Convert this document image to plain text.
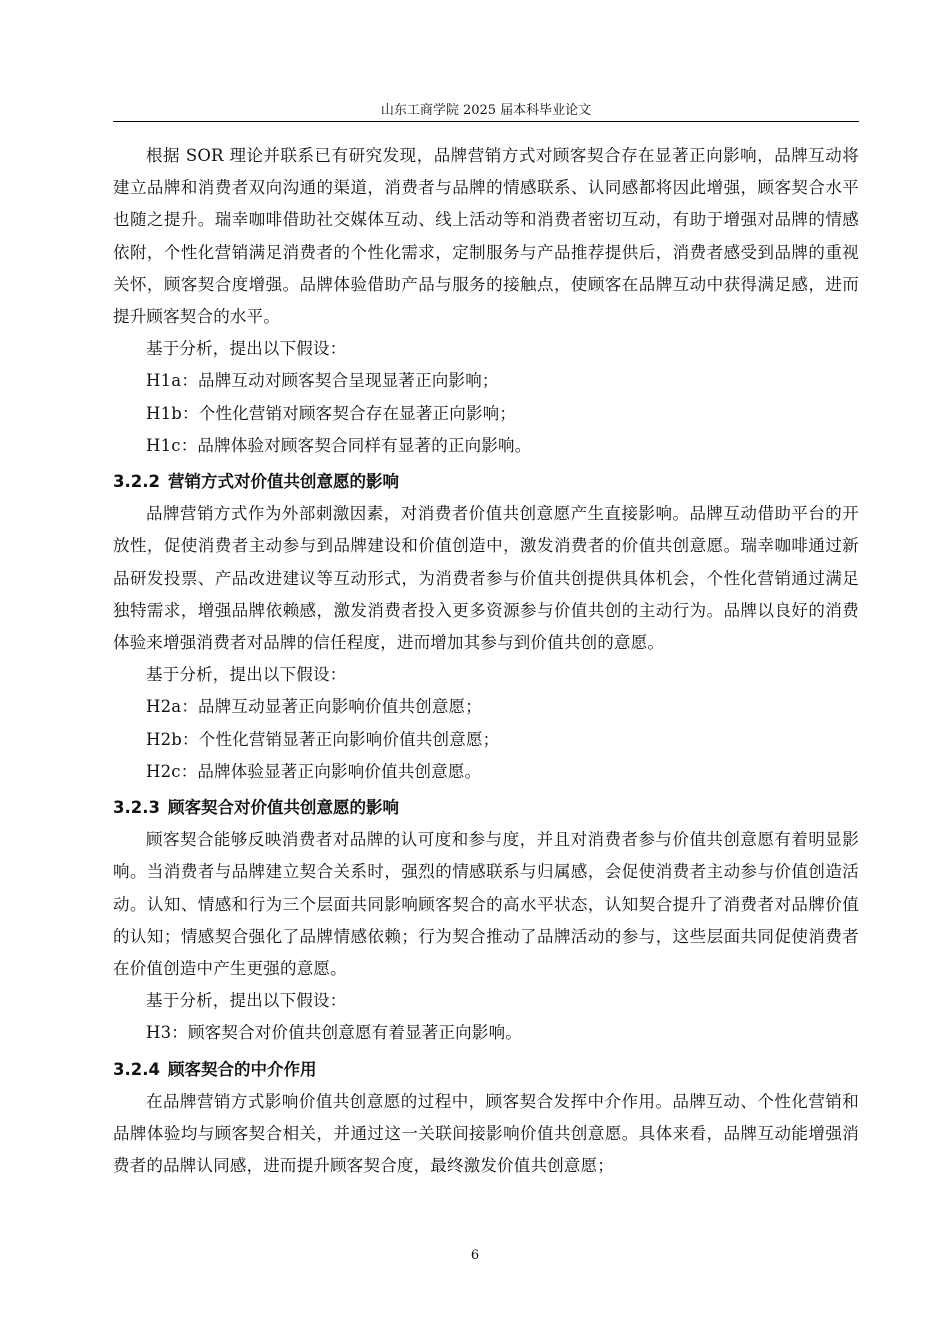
山东工商学院 2025 届本科毕业论文

根据 SOR 理论并联系已有研究发现，品牌营销方式对顾客契合存在显著正向影响，品牌互动将建立品牌和消费者双向沟通的渠道，消费者与品牌的情感联系、认同感都将因此增强，顾客契合水平也随之提升。瑞幸咖啡借助社交媒体互动、线上活动等和消费者密切互动，有助于增强对品牌的情感依附，个性化营销满足消费者的个性化需求，定制服务与产品推荐提供后，消费者感受到品牌的重视关怀，顾客契合度增强。品牌体验借助产品与服务的接触点，使顾客在品牌互动中获得满足感，进而提升顾客契合的水平。

基于分析，提出以下假设：

H1a：品牌互动对顾客契合呈现显著正向影响；

H1b：个性化营销对顾客契合存在显著正向影响；

H1c：品牌体验对顾客契合同样有显著的正向影响。

3.2.2 营销方式对价值共创意愿的影响

品牌营销方式作为外部刺激因素，对消费者价值共创意愿产生直接影响。品牌互动借助平台的开放性，促使消费者主动参与到品牌建设和价值创造中，激发消费者的价值共创意愿。瑞幸咖啡通过新品研发投票、产品改进建议等互动形式，为消费者参与价值共创提供具体机会，个性化营销通过满足独特需求，增强品牌依赖感，激发消费者投入更多资源参与价值共创的主动行为。品牌以良好的消费体验来增强消费者对品牌的信任程度，进而增加其参与到价值共创的意愿。

基于分析，提出以下假设：

H2a：品牌互动显著正向影响价值共创意愿；

H2b：个性化营销显著正向影响价值共创意愿；

H2c：品牌体验显著正向影响价值共创意愿。

3.2.3 顾客契合对价值共创意愿的影响

顾客契合能够反映消费者对品牌的认可度和参与度，并且对消费者参与价值共创意愿有着明显影响。当消费者与品牌建立契合关系时，强烈的情感联系与归属感，会促使消费者主动参与价值创造活动。认知、情感和行为三个层面共同影响顾客契合的高水平状态，认知契合提升了消费者对品牌价值的认知；情感契合强化了品牌情感依赖；行为契合推动了品牌活动的参与，这些层面共同促使消费者在价值创造中产生更强的意愿。

基于分析，提出以下假设：

H3：顾客契合对价值共创意愿有着显著正向影响。

3.2.4 顾客契合的中介作用

在品牌营销方式影响价值共创意愿的过程中，顾客契合发挥中介作用。品牌互动、个性化营销和品牌体验均与顾客契合相关，并通过这一关联间接影响价值共创意愿。具体来看，品牌互动能增强消费者的品牌认同感，进而提升顾客契合度，最终激发价值共创意愿；

6
